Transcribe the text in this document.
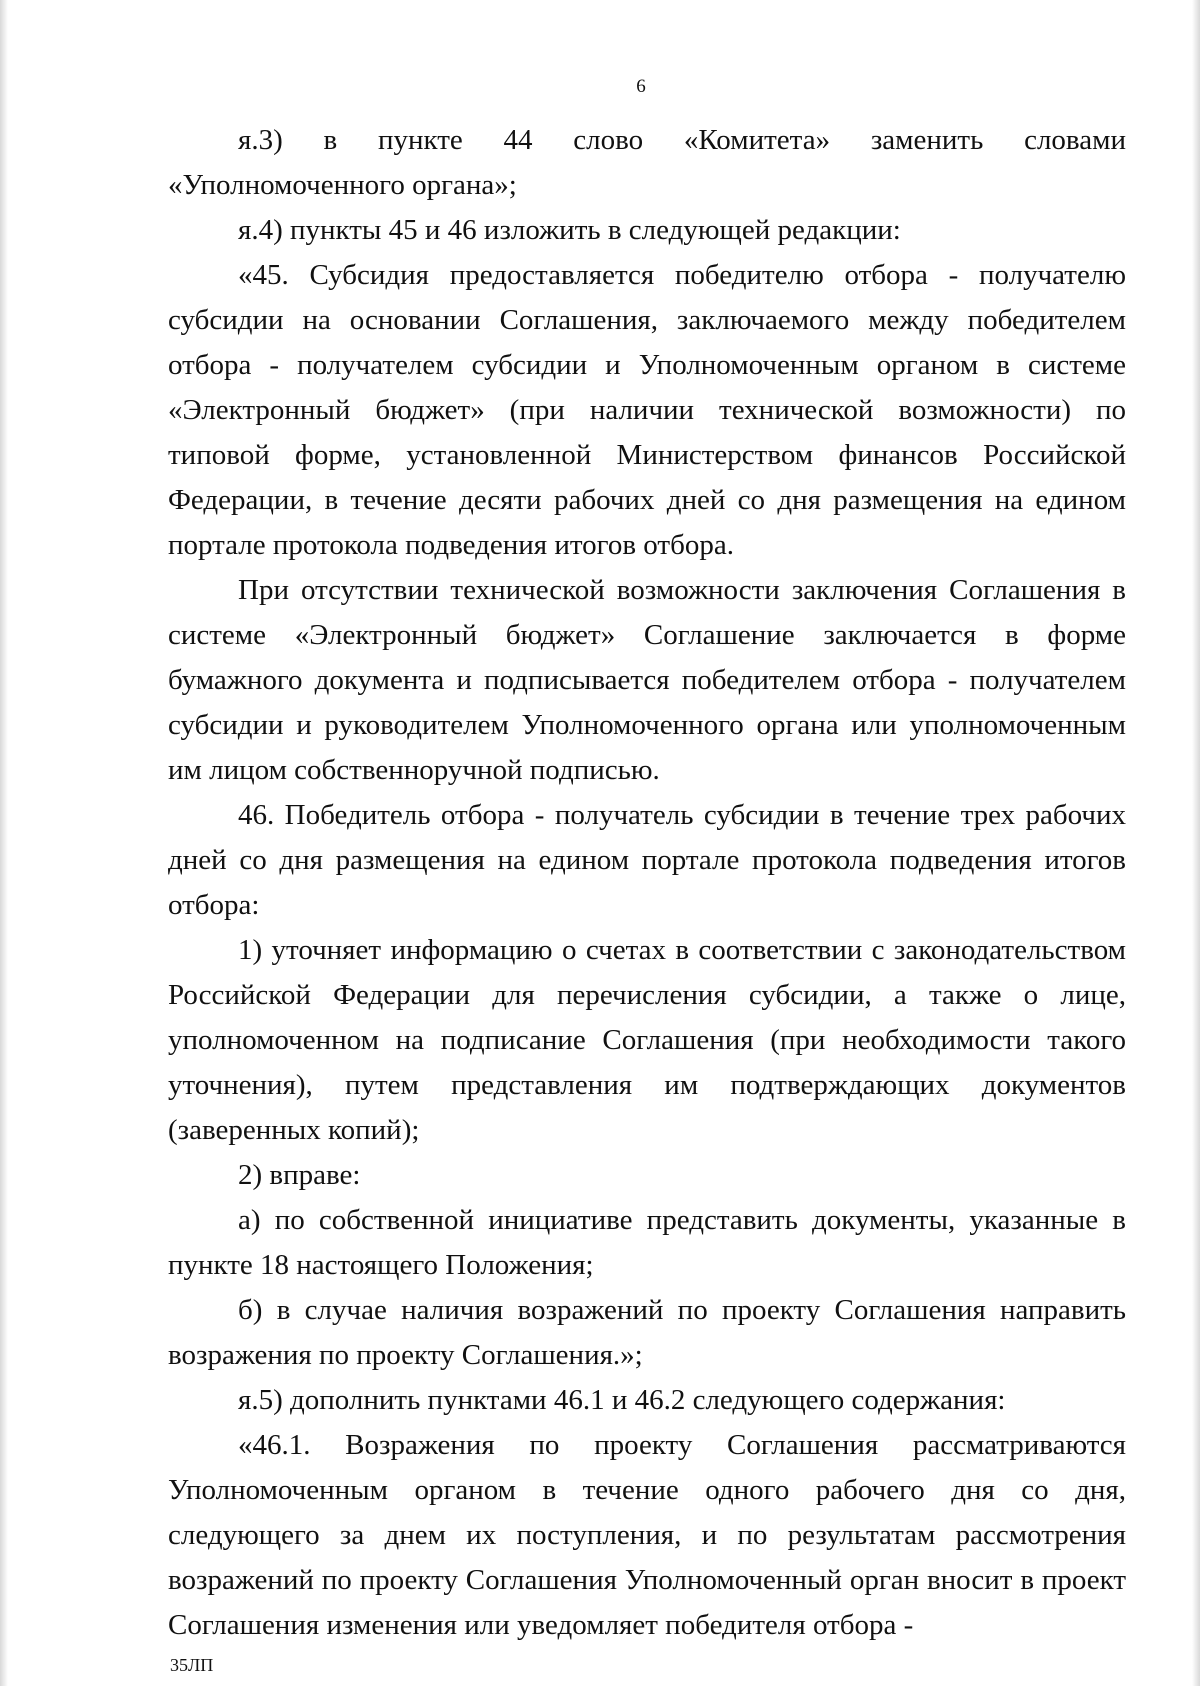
6

я.3) в пункте 44 слово «Комитета» заменить словами «Уполномоченного органа»;

я.4) пункты 45 и 46 изложить в следующей редакции:

«45. Субсидия предоставляется победителю отбора - получателю субсидии на основании Соглашения, заключаемого между победителем отбора - получателем субсидии и Уполномоченным органом в системе «Электронный бюджет» (при наличии технической возможности) по типовой форме, установленной Министерством финансов Российской Федерации, в течение десяти рабочих дней со дня размещения на едином портале протокола подведения итогов отбора.

При отсутствии технической возможности заключения Соглашения в системе «Электронный бюджет» Соглашение заключается в форме бумажного документа и подписывается победителем отбора - получателем субсидии и руководителем Уполномоченного органа или уполномоченным им лицом собственноручной подписью.

46. Победитель отбора - получатель субсидии в течение трех рабочих дней со дня размещения на едином портале протокола подведения итогов отбора:

1) уточняет информацию о счетах в соответствии с законодательством Российской Федерации для перечисления субсидии, а также о лице, уполномоченном на подписание Соглашения (при необходимости такого уточнения), путем представления им подтверждающих документов (заверенных копий);

2) вправе:

а) по собственной инициативе представить документы, указанные в пункте 18 настоящего Положения;

б) в случае наличия возражений по проекту Соглашения направить возражения по проекту Соглашения.»;

я.5) дополнить пунктами 46.1 и 46.2 следующего содержания:

«46.1. Возражения по проекту Соглашения рассматриваются Уполномоченным органом в течение одного рабочего дня со дня, следующего за днем их поступления, и по результатам рассмотрения возражений по проекту Соглашения Уполномоченный орган вносит в проект Соглашения изменения или уведомляет победителя отбора -

35ЛП
